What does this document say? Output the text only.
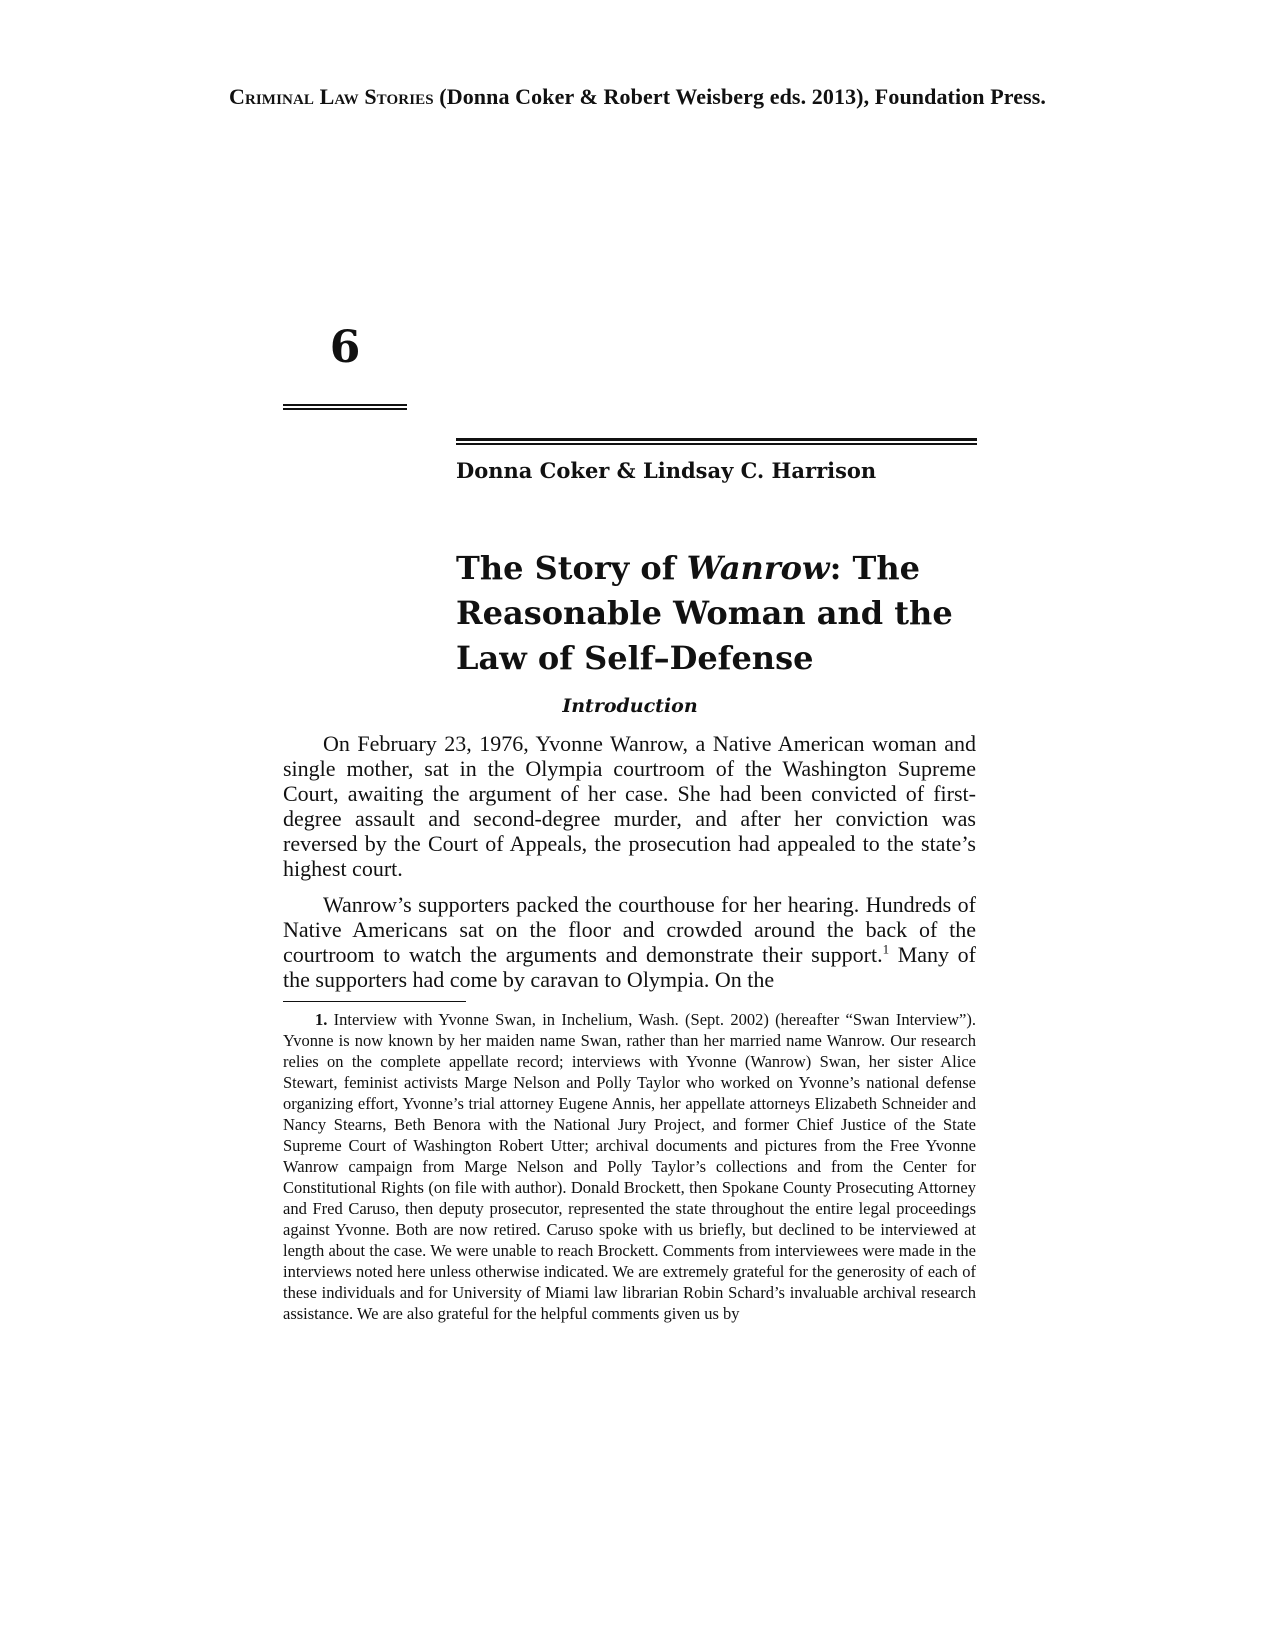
Criminal Law Stories (Donna Coker & Robert Weisberg eds. 2013), Foundation Press.
6
Donna Coker & Lindsay C. Harrison
The Story of Wanrow: The
Reasonable Woman and the
Law of Self–Defense
Introduction

On February 23, 1976, Yvonne Wanrow, a Native American woman and single mother, sat in the Olympia courtroom of the Washington Supreme Court, awaiting the argument of her case. She had been convicted of first-degree assault and second-degree murder, and after her conviction was reversed by the Court of Appeals, the prosecution had appealed to the state’s highest court.

Wanrow’s supporters packed the courthouse for her hearing. Hundreds of Native Americans sat on the floor and crowded around the back of the courtroom to watch the arguments and demonstrate their support.$^1$ Many of the supporters had come by caravan to Olympia. On the

1. Interview with Yvonne Swan, in Inchelium, Wash. (Sept. 2002) (hereafter “Swan Interview”). Yvonne is now known by her maiden name Swan, rather than her married name Wanrow. Our research relies on the complete appellate record; interviews with Yvonne (Wanrow) Swan, her sister Alice Stewart, feminist activists Marge Nelson and Polly Taylor who worked on Yvonne’s national defense organizing effort, Yvonne’s trial attorney Eugene Annis, her appellate attorneys Elizabeth Schneider and Nancy Stearns, Beth Benora with the National Jury Project, and former Chief Justice of the State Supreme Court of Washington Robert Utter; archival documents and pictures from the Free Yvonne Wanrow campaign from Marge Nelson and Polly Taylor’s collections and from the Center for Constitutional Rights (on file with author). Donald Brockett, then Spokane County Prosecuting Attorney and Fred Caruso, then deputy prosecutor, represented the state throughout the entire legal proceedings against Yvonne. Both are now retired. Caruso spoke with us briefly, but declined to be interviewed at length about the case. We were unable to reach Brockett. Comments from interviewees were made in the interviews noted here unless otherwise indicated. We are extremely grateful for the generosity of each of these individuals and for University of Miami law librarian Robin Schard’s invaluable archival research assistance. We are also grateful for the helpful comments given us by
